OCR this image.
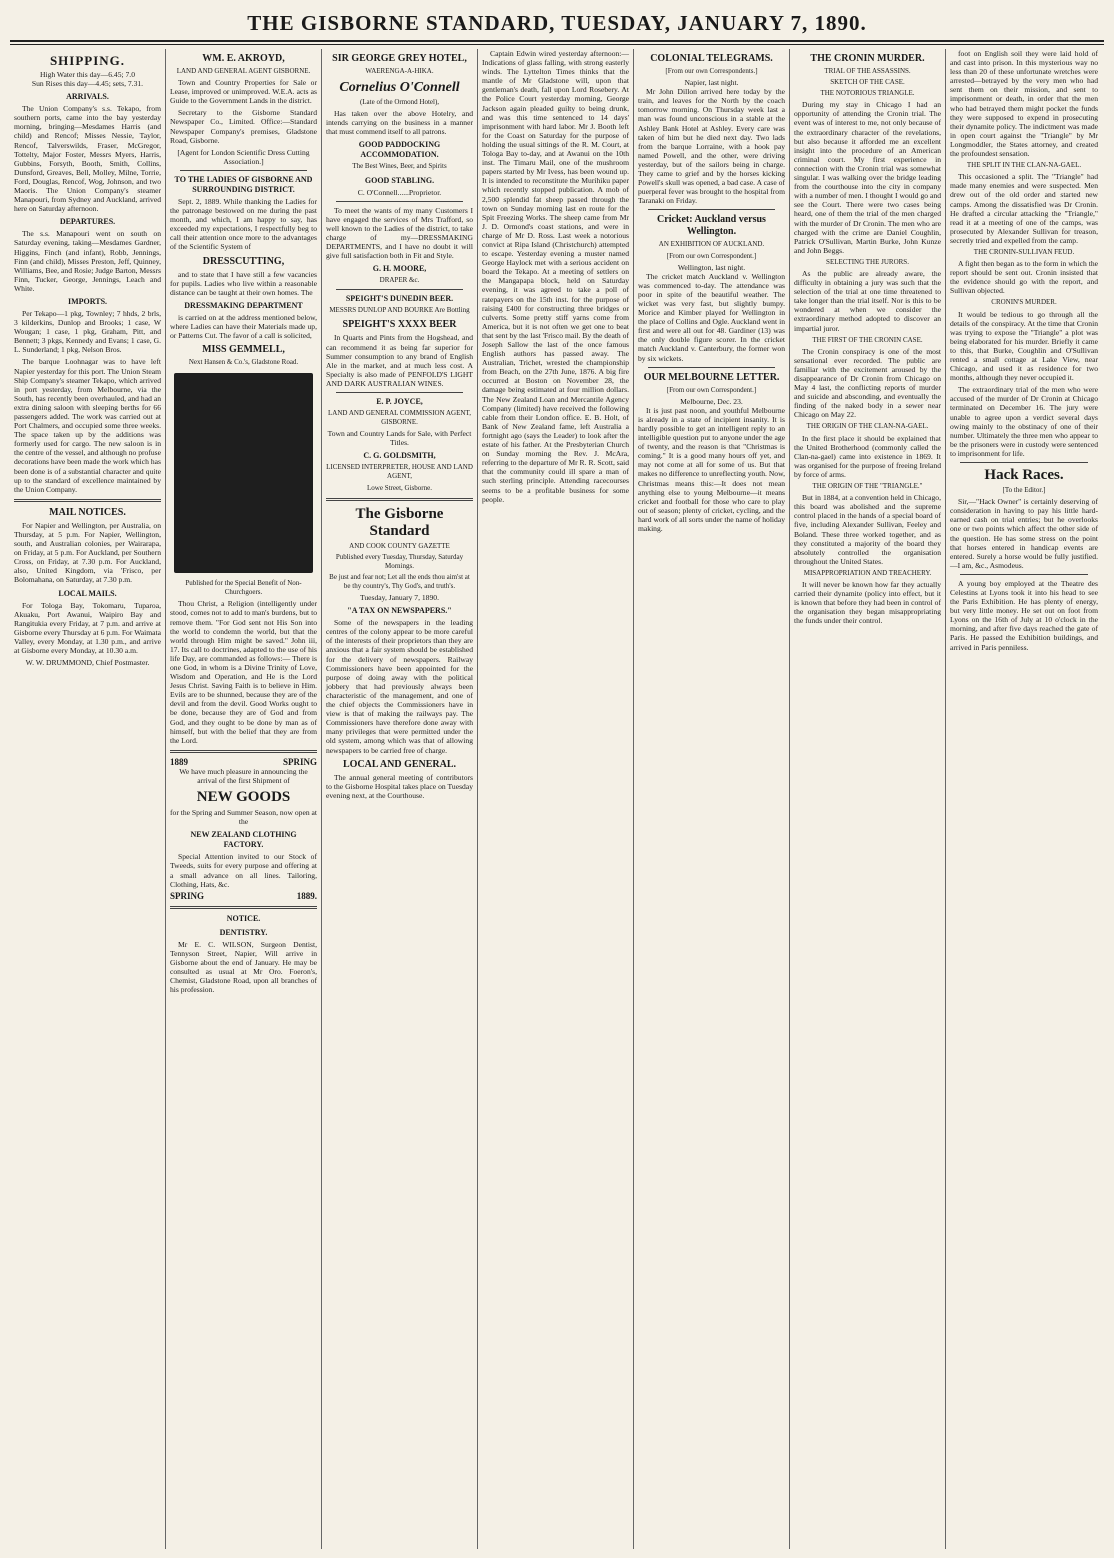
THE GISBORNE STANDARD, TUESDAY, JANUARY 7, 1890.
SHIPPING.
High Water this day—6.45; 7.0
Sun Rises this day—4.45; sets, 7.31.
ARRIVALS.

The Union Company's s.s. Tekapo, from southern ports, came into the bay yesterday morning, bringing—Mesdames Harris (and child) and Rencof; Misses Nessie, Taylor, Rencof, Talverswilds, Fraser, McGregor, Tottelty, Major Foster, Messrs Myers, Harris, Gubbins, Forsyth, Booth, Smith, Collins, Dunsford, Greaves, Bell, Molley, Milne, Torrie, Ford, Douglas, Rencof, Wog, Johnson, and two Maoris. The Union Company's steamer Manapouri, from Sydney and Auckland, arrived here on Saturday afternoon.

DEPARTURES.

The s.s. Manapouri went on south on Saturday evening, taking—Mesdames Gardner, Higgins, Finch (and infant), Robb, Jennings, Finn (and child), Misses Preston, Jeff, Quinney, Williams, Bee, and Rosie; Judge Barton, Messrs Finn, Tucker, George, Jennings, Leach and White.

IMPORTS.

Per Tekapo—1 pkg, Townley; 7 hhds, 2 brls, 3 kilderkins, Dunlop and Brooks; 1 case, W Wougan; 1 case, 1 pkg, Graham, Pitt, and Bennett; 3 pkgs, Kennedy and Evans; 1 case, G. L. Sunderland; 1 pkg, Nelson Bros.

The barque Loohnagar was to have left Napier yesterday for this port. The Union Steam Ship Company's steamer Tekapo, which arrived in port yesterday, from Melbourne, via the South, has recently been overhauled, and had an extra dining saloon with sleeping berths for 66 passengers added. The work was carried out at Port Chalmers, and occupied some three weeks. The space taken up by the additions was formerly used for cargo. The new saloon is in the centre of the vessel, and although no profuse decorations have been made the work which has been done is of a substantial character and quite up to the standard of excellence maintained by the Union Company.

MAIL NOTICES.

For Napier and Wellington, per Australia, on Thursday, at 5 p.m. For Napier, Wellington, south, and Australian colonies, per Wairarapa, on Friday, at 5 p.m. For Auckland, per Southern Cross, on Friday, at 7.30 p.m. For Auckland, also, United Kingdom, via 'Frisco, per Bolomahana, on Saturday, at 7.30 p.m.

LOCAL MAILS.

For Tologa Bay, Tokomaru, Tuparoa, Akuaku, Port Awanui, Waipiro Bay and Rangitukia every Friday, at 7 p.m. and arrive at Gisborne every Thursday at 6 p.m. For Waimata Valley, every Monday, at 1.30 p.m., and arrive at Gisborne every Monday, at 10.30 a.m.

W. W. DRUMMOND, Chief Postmaster.
WM. E. AKROYD,
LAND AND GENERAL AGENT GISBORNE.

Town and Country Properties for Sale or Lease, improved or unimproved. W.E.A. acts as Guide to the Government Lands in the district.

Secretary to the Gisborne Standard Newspaper Co., Limited. Office:—Standard Newspaper Company's premises, Gladstone Road, Gisborne.

[Agent for London Scientific Dress Cutting Association.]
TO THE LADIES OF GISBORNE AND SURROUNDING DISTRICT.

Sept. 2, 1889. While thanking the Ladies for the patronage bestowed on me during the past month, and which, I am happy to say, has exceeded my expectations, I respectfully beg to call their attention once more to the advantages of the Scientific System of

DRESSCUTTING,

and to state that I have still a few vacancies for pupils. Ladies who live within a reasonable distance can be taught at their own homes. The

DRESSMAKING DEPARTMENT

is carried on at the address mentioned below, where Ladies can have their Materials made up, or Patterns Cut. The favor of a call is solicited,

MISS GEMMELL,
Next Hansen & Co.'s, Gladstone Road.
Published for the Special Benefit of Non-Churchgoers.

Thou Christ, a Religion (intelligently under stood, comes not to add to man's burdens, but to remove them. "For God sent not His Son into the world to condemn the world, but that the world through Him might be saved." John iii, 17. Its call to doctrines, adapted to the use of his life Day, are commanded as follows:— There is one God, in whom is a Divine Trinity of Love, Wisdom and Operation, and He is the Lord Jesus Christ. Saving Faith is to believe in Him. Evils are to be shunned, because they are of the devil and from the devil. Good Works ought to be done, because they are of God and from God, and they ought to be done by man as of himself, but with the belief that they are from the Lord.

1889	SPRING

We have much pleasure in announcing the arrival of the first Shipment of

NEW GOODS

for the Spring and Summer Season, now open at the

NEW ZEALAND CLOTHING FACTORY.

Special Attention invited to our Stock of Tweeds, suits for every purpose and offering at a small advance on all lines. Tailoring, Clothing, Hats, &c.

SPRING	1889.
NOTICE.
DENTISTRY.

Mr E. C. WILSON, Surgeon Dentist, Tennyson Street, Napier, Will arrive in Gisborne about the end of January. He may be consulted as usual at Mr Oro. Foeron's, Chemist, Gladstone Road, upon all branches of his profession.

SIR GEORGE GREY HOTEL,
WAERENGA-A-HIKA.
Cornelius O'Connell
(Late of the Ormond Hotel),

Has taken over the above Hotelry, and intends carrying on the business in a manner that must commend itself to all patrons.

GOOD PADDOCKING ACCOMMODATION.
The Best Wines, Beer, and Spirits
GOOD STABLING.
C. O'Connell......Proprietor.

To meet the wants of my many Customers I have engaged the services of Mrs Trafford, so well known to the Ladies of the district, to take charge of my—DRESSMAKING DEPARTMENTS, and I have no doubt it will give full satisfaction both in Fit and Style.

G. H. MOORE,
DRAPER &c.
SPEIGHT'S DUNEDIN BEER.
MESSRS DUNLOP AND BOURKE Are Bottling
SPEIGHT'S XXXX BEER

In Quarts and Pints from the Hogshead, and can recommend it as being far superior for Summer consumption to any brand of English Ale in the market, and at much less cost. A Specialty is also made of PENFOLD'S LIGHT AND DARK AUSTRALIAN WINES.

E. P. JOYCE,
LAND AND GENERAL COMMISSION AGENT, GISBORNE.

Town and Country Lands for Sale, with Perfect Titles.

C. G. GOLDSMITH,
LICENSED INTERPRETER, HOUSE AND LAND AGENT,
Lowe Street, Gisborne.
The Gisborne Standard
AND COOK COUNTY GAZETTE
Published every Tuesday, Thursday, Saturday Mornings.
Be just and fear not; Let all the ends thou aim'st at be thy country's, Thy God's, and truth's.
Tuesday, January 7, 1890.
"A TAX ON NEWSPAPERS."

Some of the newspapers in the leading centres of the colony appear to be more careful of the interests of their proprietors than they are anxious that a fair system should be established for the delivery of newspapers. Railway Commissioners have been appointed for the purpose of doing away with the political jobbery that had previously always been characteristic of the management, and one of the chief objects the Commissioners have in view is that of making the railways pay. The Commissioners have therefore done away with many privileges that were permitted under the old system, among which was that of allowing newspapers to be carried free of charge.

LOCAL AND GENERAL.

The annual general meeting of contributors to the Gisborne Hospital takes place on Tuesday evening next, at the Courthouse.

Captain Edwin wired yesterday afternoon:—Indications of glass falling, with strong easterly winds. The Lyttelton Times thinks that the mantle of Mr Gladstone will, upon that gentleman's death, fall upon Lord Rosebery. At the Police Court yesterday morning, George Jackson again pleaded guilty to being drunk, and was this time sentenced to 14 days' imprisonment with hard labor. Mr J. Booth left for the Coast on Saturday for the purpose of holding the usual sittings of the R. M. Court, at Tologa Bay to-day, and at Awanui on the 10th inst. The Timaru Mail, one of the mushroom papers started by Mr Ivess, has been wound up. It is intended to reconstitute the Murihiku paper which recently stopped publication. A mob of 2,500 splendid fat sheep passed through the town on Sunday morning last en route for the Spit Freezing Works. The sheep came from Mr J. D. Ormond's coast stations, and were in charge of Mr D. Ross. Last week a notorious convict at Ripa Island (Christchurch) attempted to escape. Yesterday evening a muster named George Haylock met with a serious accident on board the Tekapo. At a meeting of settlers on the Mangapapa block, held on Saturday evening, it was agreed to take a poll of ratepayers on the 15th inst. for the purpose of raising £400 for constructing three bridges or culverts. Some pretty stiff yarns come from America, but it is not often we get one to beat that sent by the last 'Frisco mail. By the death of Joseph Sallow the last of the once famous English authors has passed away. The Australian, Trichet, wrested the championship from Beach, on the 27th June, 1876. A big fire occurred at Boston on November 28, the damage being estimated at four million dollars. The New Zealand Loan and Mercantile Agency Company (limited) have received the following cable from their London office. E. B. Holt, of Bank of New Zealand fame, left Australia a fortnight ago (says the Leader) to look after the estate of his father. At the Presbyterian Church on Sunday morning the Rev. J. McAra, referring to the departure of Mr R. R. Scott, said that the community could ill spare a man of such sterling principle. Attending racecourses seems to be a profitable business for some people.

COLONIAL TELEGRAMS.
[From our own Correspondents.]
Napier, last night.

Mr John Dillon arrived here today by the train, and leaves for the North by the coach tomorrow morning. On Thursday week last a man was found unconscious in a stable at the Ashley Bank Hotel at Ashley. Every care was taken of him but he died next day. Two lads from the barque Lorraine, with a hook pay named Powell, and the other, were driving yesterday, but of the sailors being in charge. They came to grief and by the horses kicking Powell's skull was opened, a bad case. A case of puerperal fever was brought to the hospital from Taranaki on Friday.

Cricket: Auckland versus Wellington.
AN EXHIBITION OF AUCKLAND.
[From our own Correspondent.]
Wellington, last night.

The cricket match Auckland v. Wellington was commenced to-day. The attendance was poor in spite of the beautiful weather. The wicket was very fast, but slightly bumpy. Morice and Kimber played for Wellington in the place of Collins and Ogle. Auckland went in first and were all out for 48. Gardiner (13) was the only double figure scorer. In the cricket match Auckland v. Canterbury, the former won by six wickets.

OUR MELBOURNE LETTER.
[From our own Correspondent.]
Melbourne, Dec. 23.

It is just past noon, and youthful Melbourne is already in a state of incipient insanity. It is hardly possible to get an intelligent reply to an intelligible question put to anyone under the age of twenty, and the reason is that "Christmas is coming." It is a good many hours off yet, and may not come at all for some of us. But that makes no difference to unreflecting youth. Now, Christmas means this:—It does not mean anything else to young Melbourne—it means cricket and football for those who care to play out of season; plenty of cricket, cycling, and the hard work of all sorts under the name of holiday making.

THE CRONIN MURDER.
TRIAL OF THE ASSASSINS.
SKETCH OF THE CASE.
THE NOTORIOUS TRIANGLE.

During my stay in Chicago I had an opportunity of attending the Cronin trial. The event was of interest to me, not only because of the extraordinary character of the revelations, but also because it afforded me an excellent insight into the procedure of an American criminal court. My first experience in connection with the Cronin trial was somewhat singular. I was walking over the bridge leading from the courthouse into the city in company with a number of men. I thought I would go and see the Court. There were two cases being heard, one of them the trial of the men charged with the murder of Dr Cronin. The men who are charged with the crime are Daniel Coughlin, Patrick O'Sullivan, Martin Burke, John Kunze and John Beggs.

SELECTING THE JURORS.

As the public are already aware, the difficulty in obtaining a jury was such that the selection of the trial at one time threatened to take longer than the trial itself. Nor is this to be wondered at when we consider the extraordinary method adopted to discover an impartial juror.

THE FIRST OF THE CRONIN CASE.

The Cronin conspiracy is one of the most sensational ever recorded. The public are familiar with the excitement aroused by the disappearance of Dr Cronin from Chicago on May 4 last, the conflicting reports of murder and suicide and absconding, and eventually the finding of the naked body in a sewer near Chicago on May 22.

THE ORIGIN OF THE CLAN-NA-GAEL.

In the first place it should be explained that the United Brotherhood (commonly called the Clan-na-gael) came into existence in 1869. It was organised for the purpose of freeing Ireland by force of arms.

THE ORIGIN OF THE "TRIANGLE."

But in 1884, at a convention held in Chicago, this board was abolished and the supreme control placed in the hands of a special board of five, including Alexander Sullivan, Feeley and Boland. These three worked together, and as they constituted a majority of the board they absolutely controlled the organisation throughout the United States.

MISAPPROPRIATION AND TREACHERY.

It will never be known how far they actually carried their dynamite (policy into effect, but it is known that before they had been in control of the organisation they began misappropriating the funds under their control.

foot on English soil they were laid hold of and cast into prison. In this mysterious way no less than 20 of these unfortunate wretches were arrested—betrayed by the very men who had sent them on their mission, and sent to imprisonment or death, in order that the men who had betrayed them might pocket the funds they were supposed to expend in prosecuting their dynamite policy. The indictment was made in open court against the "Triangle" by Mr Longmoddler, the States attorney, and created the profoundest sensation.

THE SPLIT IN THE CLAN-NA-GAEL.

This occasioned a split. The "Triangle" had made many enemies and were suspected. Men drew out of the old order and started new camps. Among the dissatisfied was Dr Cronin. He drafted a circular attacking the "Triangle," read it at a meeting of one of the camps, was prosecuted by Alexander Sullivan for treason, secretly tried and expelled from the camp.

THE CRONIN-SULLIVAN FEUD.

A fight then began as to the form in which the report should be sent out. Cronin insisted that the evidence should go with the report, and Sullivan objected.

CRONIN'S MURDER.

It would be tedious to go through all the details of the conspiracy. At the time that Cronin was trying to expose the "Triangle" a plot was being elaborated for his murder. Briefly it came to this, that Burke, Coughlin and O'Sullivan rented a small cottage at Lake View, near Chicago, and used it as residence for two months, although they never occupied it.

The extraordinary trial of the men who were accused of the murder of Dr Cronin at Chicago terminated on December 16. The jury were unable to agree upon a verdict several days owing mainly to the obstinacy of one of their number. Ultimately the three men who appear to be the prisoners were in custody were sentenced to imprisonment for life.

Hack Races.
[To the Editor.]

Sir,—"Hack Owner" is certainly deserving of consideration in having to pay his little hard-earned cash on trial entries; but he overlooks one or two points which affect the other side of the question. He has some stress on the point that horses entered in handicap events are entered. Surely a horse would be fully justified.—I am, &c., Asmodeus.

A young boy employed at the Theatre des Celestins at Lyons took it into his head to see the Paris Exhibition. He has plenty of energy, but very little money. He set out on foot from Lyons on the 16th of July at 10 o'clock in the morning, and after five days reached the gate of Paris. He passed the Exhibition buildings, and arrived in Paris penniless.
